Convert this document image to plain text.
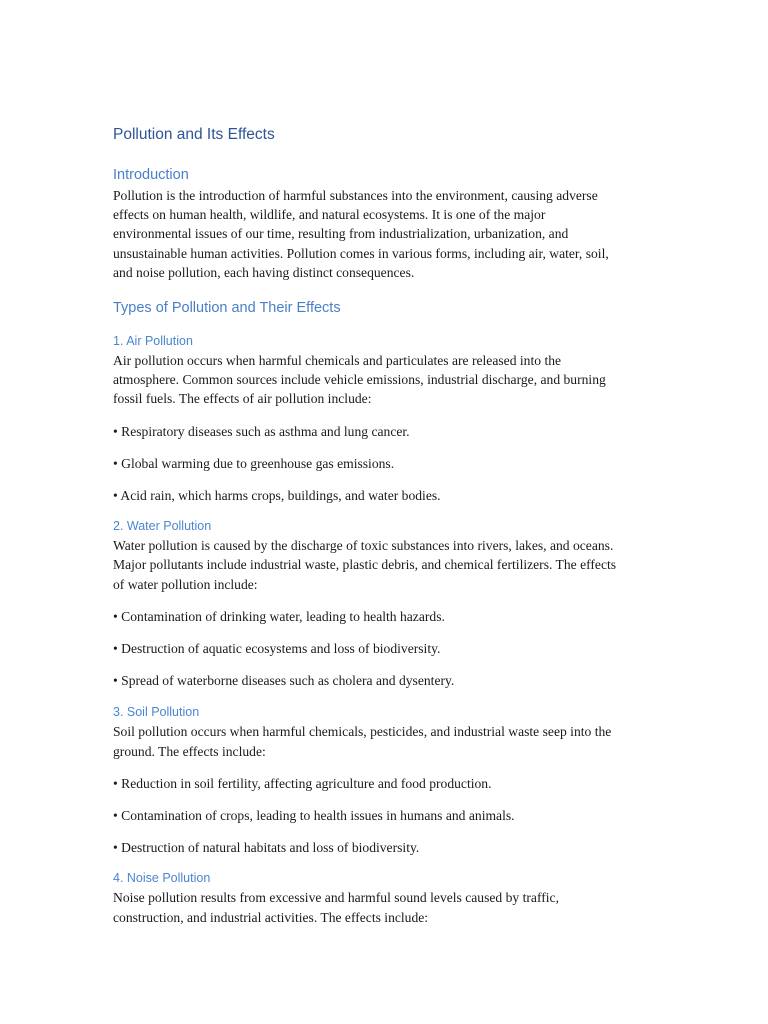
Pollution and Its Effects
Introduction
Pollution is the introduction of harmful substances into the environment, causing adverse
effects on human health, wildlife, and natural ecosystems. It is one of the major
environmental issues of our time, resulting from industrialization, urbanization, and
unsustainable human activities. Pollution comes in various forms, including air, water, soil,
and noise pollution, each having distinct consequences.
Types of Pollution and Their Effects
1. Air Pollution
Air pollution occurs when harmful chemicals and particulates are released into the
atmosphere. Common sources include vehicle emissions, industrial discharge, and burning
fossil fuels. The effects of air pollution include:
• Respiratory diseases such as asthma and lung cancer.
• Global warming due to greenhouse gas emissions.
• Acid rain, which harms crops, buildings, and water bodies.
2. Water Pollution
Water pollution is caused by the discharge of toxic substances into rivers, lakes, and oceans.
Major pollutants include industrial waste, plastic debris, and chemical fertilizers. The effects
of water pollution include:
• Contamination of drinking water, leading to health hazards.
• Destruction of aquatic ecosystems and loss of biodiversity.
• Spread of waterborne diseases such as cholera and dysentery.
3. Soil Pollution
Soil pollution occurs when harmful chemicals, pesticides, and industrial waste seep into the
ground. The effects include:
• Reduction in soil fertility, affecting agriculture and food production.
• Contamination of crops, leading to health issues in humans and animals.
• Destruction of natural habitats and loss of biodiversity.
4. Noise Pollution
Noise pollution results from excessive and harmful sound levels caused by traffic,
construction, and industrial activities. The effects include:
